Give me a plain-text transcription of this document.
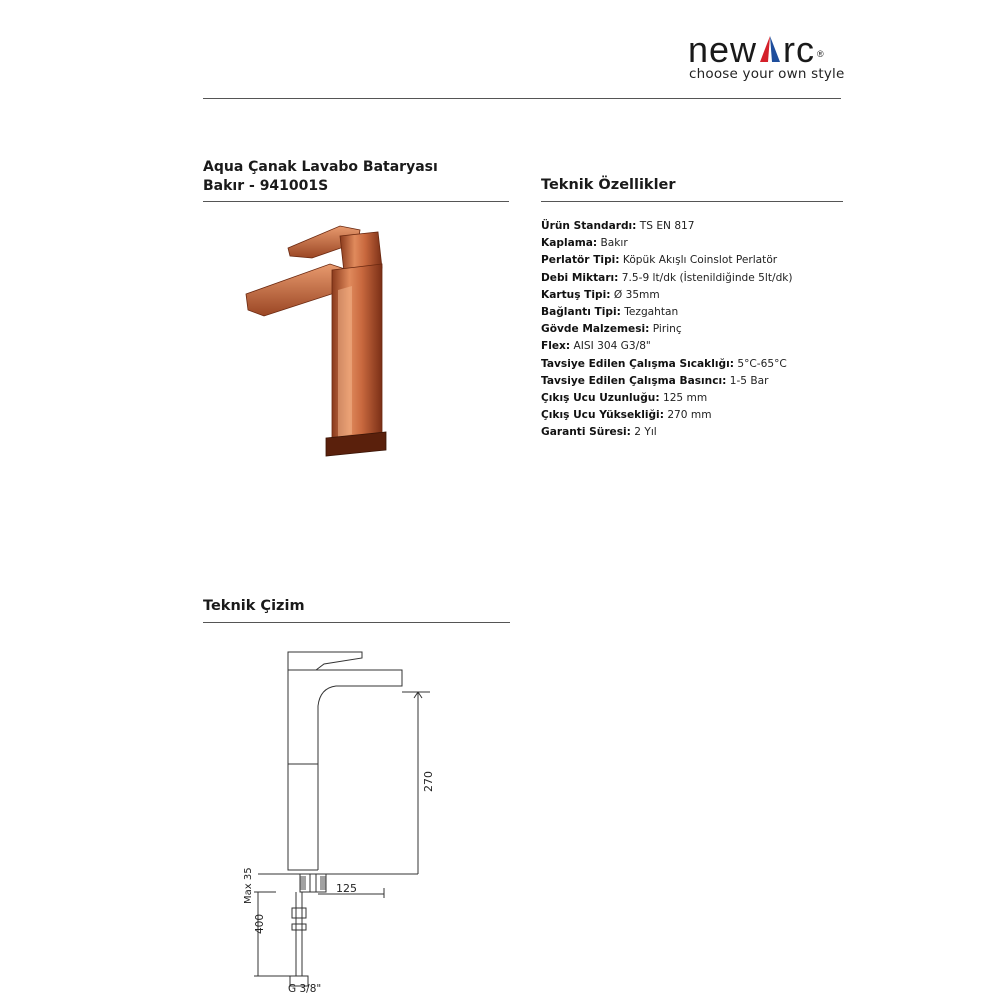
new rc ®
choose your own style
Aqua Çanak Lavabo Bataryası
Bakır - 941001S	Teknik Özellikler
Ürün Standardı: TS EN 817
Kaplama: Bakır
Perlatör Tipi: Köpük Akışlı Coinslot Perlatör
Debi Miktarı: 7.5-9 lt/dk (İstenildiğinde 5lt/dk)
Kartuş Tipi: Ø 35mm
Bağlantı Tipi: Tezgahtan
Gövde Malzemesi: Pirinç
Flex: AISI 304 G3/8"
Tavsiye Edilen Çalışma Sıcaklığı: 5°C-65°C
Tavsiye Edilen Çalışma Basıncı: 1-5 Bar
Çıkış Ucu Uzunluğu: 125 mm
Çıkış Ucu Yüksekliği: 270 mm
Garanti Süresi: 2 Yıl
Teknik Çizim
270
125
Max 35
400
G 3/8"
